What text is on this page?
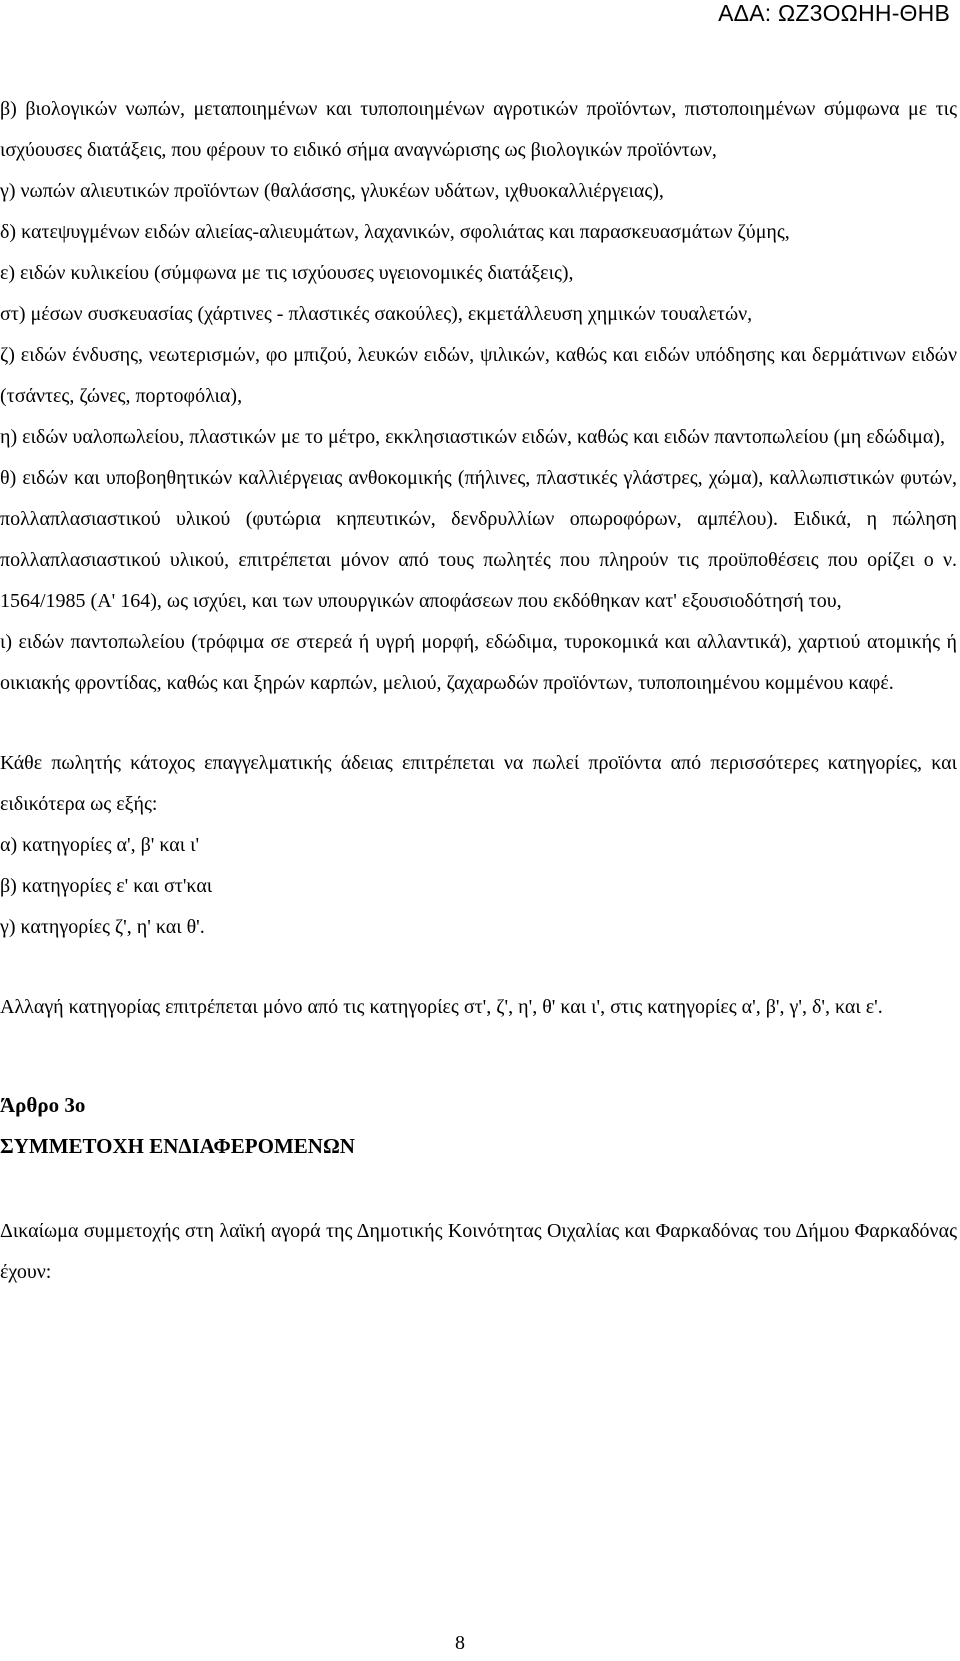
ΑΔΑ: ΩΖ3ΟΩΗΗ-ΘΗΒ

β) βιολογικών νωπών, μεταποιημένων και τυποποιημένων αγροτικών προϊόντων, πιστοποιημένων σύμφωνα με τις ισχύουσες διατάξεις, που φέρουν το ειδικό σήμα αναγνώρισης ως βιολογικών προϊόντων,

γ) νωπών αλιευτικών προϊόντων (θαλάσσης, γλυκέων υδάτων, ιχθυοκαλλιέργειας),

δ) κατεψυγμένων ειδών αλιείας-αλιευμάτων, λαχανικών, σφολιάτας και παρασκευασμάτων ζύμης,

ε) ειδών κυλικείου (σύμφωνα με τις ισχύουσες υγειονομικές διατάξεις),

στ) μέσων συσκευασίας (χάρτινες - πλαστικές σακούλες), εκμετάλλευση χημικών τουαλετών,

ζ) ειδών ένδυσης, νεωτερισμών, φο μπιζού, λευκών ειδών, ψιλικών, καθώς και ειδών υπόδησης και δερμάτινων ειδών (τσάντες, ζώνες, πορτοφόλια),

η) ειδών υαλοπωλείου, πλαστικών με το μέτρο, εκκλησιαστικών ειδών, καθώς και ειδών παντοπωλείου (μη εδώδιμα),

θ) ειδών και υποβοηθητικών καλλιέργειας ανθοκομικής (πήλινες, πλαστικές γλάστρες, χώμα), καλλωπιστικών φυτών, πολλαπλασιαστικού υλικού (φυτώρια κηπευτικών, δενδρυλλίων οπωροφόρων, αμπέλου). Ειδικά, η πώληση πολλαπλασιαστικού υλικού, επιτρέπεται μόνον από τους πωλητές που πληρούν τις προϋποθέσεις που ορίζει ο ν. 1564/1985 (Α' 164), ως ισχύει, και των υπουργικών αποφάσεων που εκδόθηκαν κατ' εξουσιοδότησή του,

ι) ειδών παντοπωλείου (τρόφιμα σε στερεά ή υγρή μορφή, εδώδιμα, τυροκομικά και αλλαντικά), χαρτιού ατομικής ή οικιακής φροντίδας, καθώς και ξηρών καρπών, μελιού, ζαχαρωδών προϊόντων, τυποποιημένου κομμένου καφέ.

Κάθε πωλητής κάτοχος επαγγελματικής άδειας επιτρέπεται να πωλεί προϊόντα από περισσότερες κατηγορίες, και ειδικότερα ως εξής:

α) κατηγορίες α', β' και ι'

β) κατηγορίες ε' και στ'και

γ) κατηγορίες ζ', η' και θ'.

Αλλαγή κατηγορίας επιτρέπεται μόνο από τις κατηγορίες στ', ζ', η', θ' και ι', στις κατηγορίες α', β', γ', δ', και ε'.

Άρθρο 3ο

ΣΥΜΜΕΤΟΧΗ ΕΝΔΙΑΦΕΡΟΜΕΝΩΝ

Δικαίωμα συμμετοχής στη λαϊκή αγορά της Δημοτικής Κοινότητας Οιχαλίας και Φαρκαδόνας του Δήμου Φαρκαδόνας έχουν:

8
